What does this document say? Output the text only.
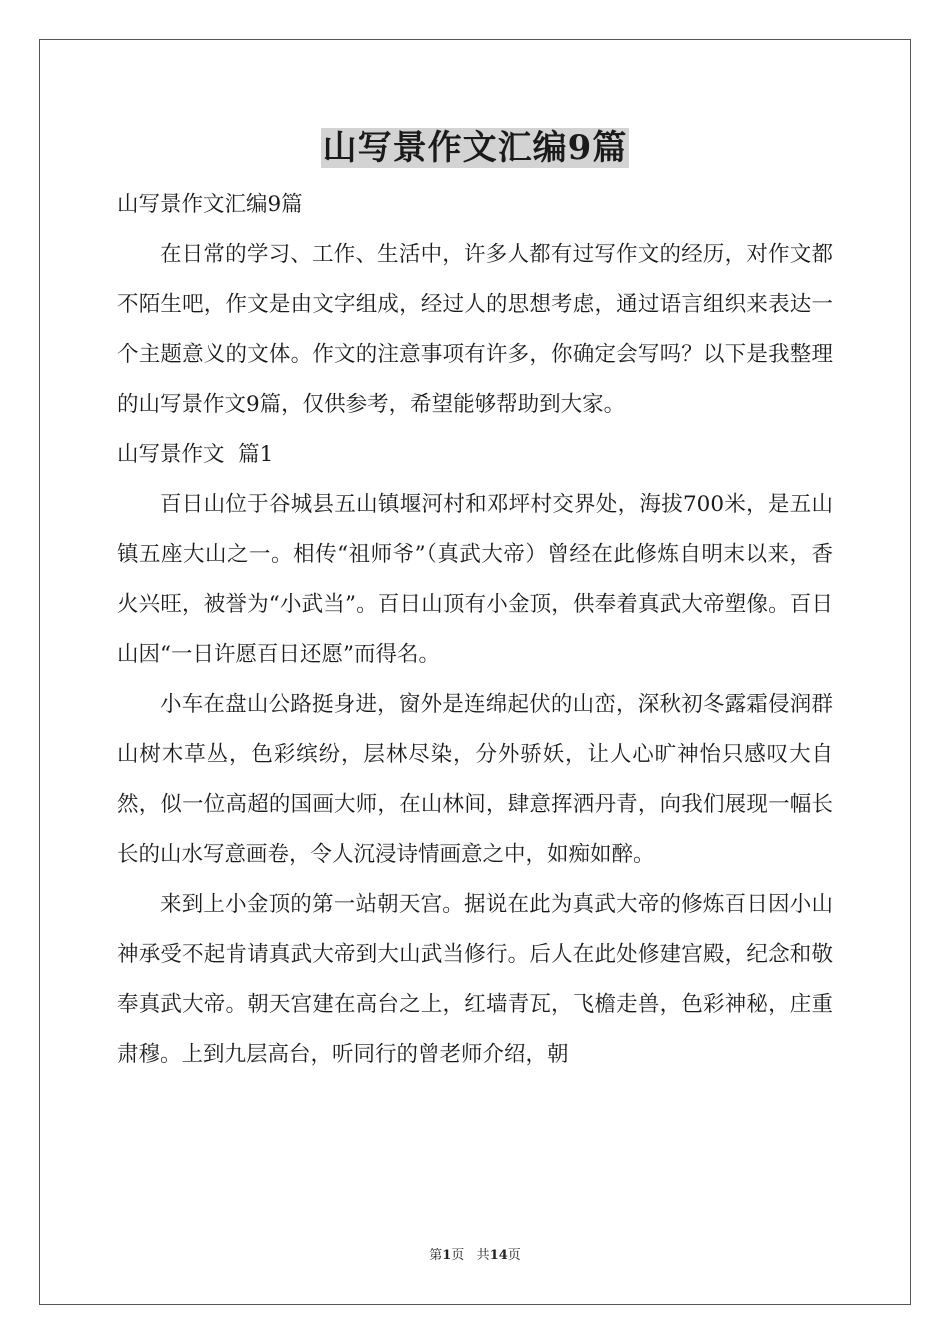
山写景作文汇编9篇

山写景作文汇编9篇

在日常的学习、工作、生活中，许多人都有过写作文的经历，对作文都不陌生吧，作文是由文字组成，经过人的思想考虑，通过语言组织来表达一个主题意义的文体。作文的注意事项有许多，你确定会写吗？以下是我整理的山写景作文9篇，仅供参考，希望能够帮助到大家。

山写景作文  篇1

百日山位于谷城县五山镇堰河村和邓坪村交界处，海拔700米，是五山镇五座大山之一。相传“祖师爷”（真武大帝）曾经在此修炼自明末以来，香火兴旺，被誉为“小武当”。百日山顶有小金顶，供奉着真武大帝塑像。百日山因“一日许愿百日还愿”而得名。

小车在盘山公路挺身进，窗外是连绵起伏的山峦，深秋初冬露霜侵润群山树木草丛，色彩缤纷，层林尽染，分外骄妖，让人心旷神怡只感叹大自然，似一位高超的国画大师，在山林间，肆意挥洒丹青，向我们展现一幅长长的山水写意画卷，令人沉浸诗情画意之中，如痴如醉。

来到上小金顶的第一站朝天宫。据说在此为真武大帝的修炼百日因小山神承受不起肯请真武大帝到大山武当修行。后人在此处修建宫殿，纪念和敬奉真武大帝。朝天宫建在高台之上，红墙青瓦，飞檐走兽，色彩神秘，庄重肃穆。上到九层高台，听同行的曾老师介绍，朝

第1页 共14页
